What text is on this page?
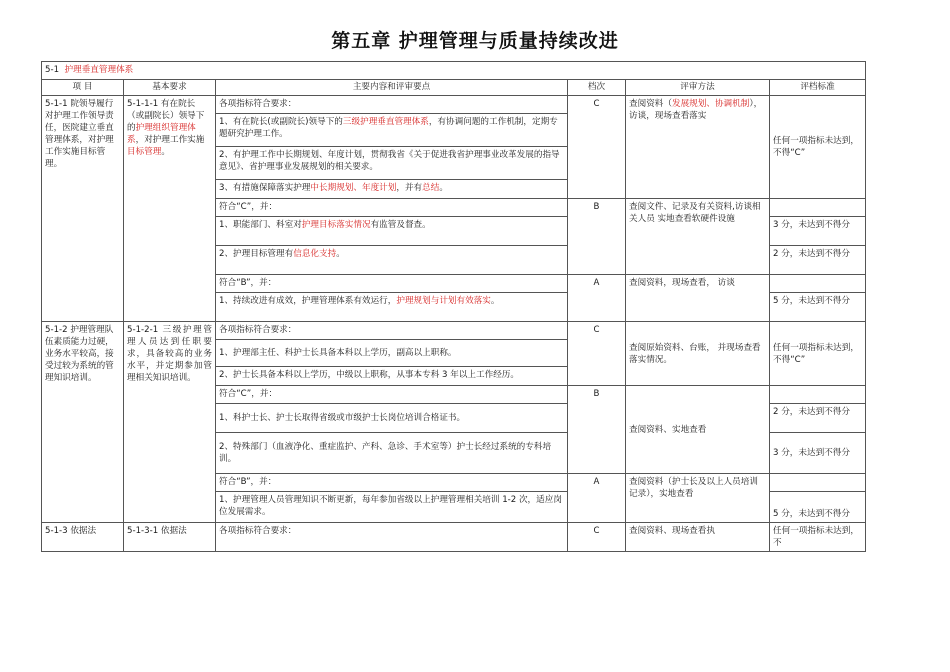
第五章 护理管理与质量持续改进
5-1 护理垂直管理体系					
项 目	基本要求	主要内容和评审要点	档次	评审方法	评档标准
5-1-1 院领导履行对护理工作领导责任，医院建立垂直管理体系，对护理工作实施目标管理。	5-1-1-1 有在院长（或副院长）领导下的护理组织管理体系，对护理工作实施目标管理。	各项指标符合要求：	C	查阅资料（发展规划、协调机制），访谈，现场查看落实	任何一项指标未达到，不得“C”
		1、有在院长(或副院长)领导下的三级护理垂直管理体系，有协调问题的工作机制，定期专题研究护理工作。			
		2、有护理工作中长期规划、年度计划，贯彻我省《关于促进我省护理事业改革发展的指导意见》、省护理事业发展规划的相关要求。			
		3、有措施保障落实护理中长期规划、年度计划，并有总结。			
		符合“C”，并：	B	查阅文件、记录及有关资料,访谈相关人员 实地查看软硬件设施	
		1、职能部门、科室对护理目标落实情况有监管及督查。			3 分，未达到不得分
		2、护理目标管理有信息化支持。			2 分，未达到不得分
		符合“B”，并：	A	查阅资料，现场查看， 访谈	
		1、持续改进有成效，护理管理体系有效运行，护理规划与计划有效落实。			5 分，未达到不得分
5-1-2 护理管理队伍素质能力过硬，业务水平较高，接受过较为系统的管理知识培训。	5-1-2-1 三级护理管理人员达到任职要求，具备较高的业务水平，并定期参加管理相关知识培训。	各项指标符合要求：	C	查阅原始资料、台账， 并现场查看落实情况。	任何一项指标未达到，不得“C”
		1、护理部主任、科护士长具备本科以上学历，副高以上职称。			
		2、护士长具备本科以上学历，中级以上职称，从事本专科 3 年以上工作经历。			
		符合“C”，并：	B	查阅资料、实地查看	
		1、科护士长、护士长取得省级或市级护士长岗位培训合格证书。			2 分，未达到不得分
		2、特殊部门（血液净化、重症监护、产科、急诊、手术室等）护士长经过系统的专科培训。			3 分，未达到不得分
		符合“B”，并：	A	查阅资料（护士长及以上人员培训记录），实地查看	
		1、护理管理人员管理知识不断更新，每年参加省级以上护理管理相关培训 1-2 次，适应岗位发展需求。			5 分，未达到不得分
5-1-3 依据法	5-1-3-1 依据法	各项指标符合要求：	C	查阅资料、现场查看执	任何一项指标未达到，不
